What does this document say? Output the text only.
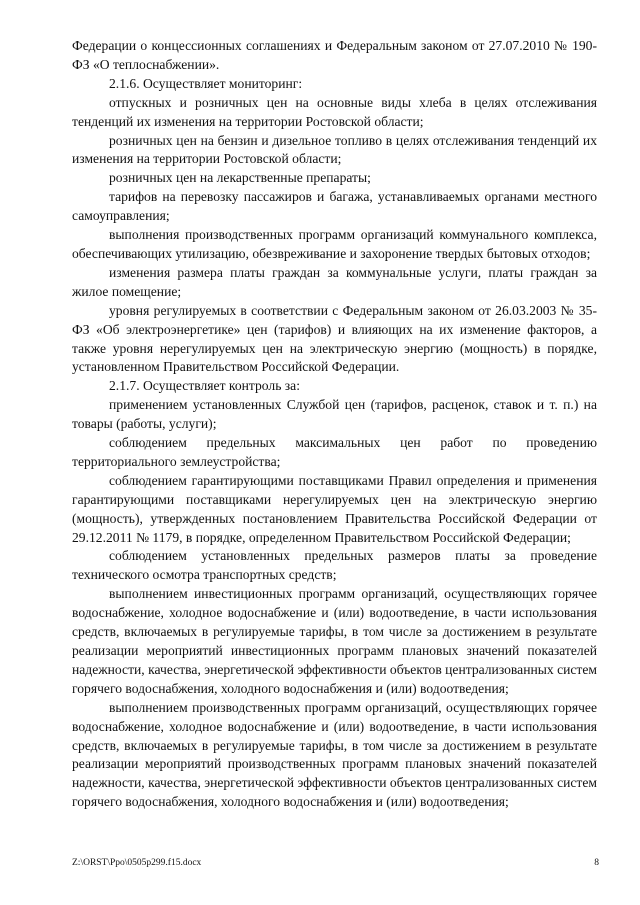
Федерации о концессионных соглашениях и Федеральным законом от 27.07.2010 № 190-ФЗ «О теплоснабжении».

2.1.6. Осуществляет мониторинг:

отпускных и розничных цен на основные виды хлеба в целях отслеживания тенденций их изменения на территории Ростовской области;

розничных цен на бензин и дизельное топливо в целях отслеживания тенденций их изменения на территории Ростовской области;

розничных цен на лекарственные препараты;

тарифов на перевозку пассажиров и багажа, устанавливаемых органами местного самоуправления;

выполнения производственных программ организаций коммунального комплекса, обеспечивающих утилизацию, обезвреживание и захоронение твердых бытовых отходов;

изменения размера платы граждан за коммунальные услуги, платы граждан за жилое помещение;

уровня регулируемых в соответствии с Федеральным законом от 26.03.2003 № 35-ФЗ «Об электроэнергетике» цен (тарифов) и влияющих на их изменение факторов, а также уровня нерегулируемых цен на электрическую энергию (мощность) в порядке, установленном Правительством Российской Федерации.

2.1.7. Осуществляет контроль за:

применением установленных Службой цен (тарифов, расценок, ставок и т. п.) на товары (работы, услуги);

соблюдением предельных максимальных цен работ по проведению территориального землеустройства;

соблюдением гарантирующими поставщиками Правил определения и применения гарантирующими поставщиками нерегулируемых цен на электрическую энергию (мощность), утвержденных постановлением Правительства Российской Федерации от 29.12.2011 № 1179, в порядке, определенном Правительством Российской Федерации;

соблюдением установленных предельных размеров платы за проведение технического осмотра транспортных средств;

выполнением инвестиционных программ организаций, осуществляющих горячее водоснабжение, холодное водоснабжение и (или) водоотведение, в части использования средств, включаемых в регулируемые тарифы, в том числе за достижением в результате реализации мероприятий инвестиционных программ плановых значений показателей надежности, качества, энергетической эффективности объектов централизованных систем горячего водоснабжения, холодного водоснабжения и (или) водоотведения;

выполнением производственных программ организаций, осуществляющих горячее водоснабжение, холодное водоснабжение и (или) водоотведение, в части использования средств, включаемых в регулируемые тарифы, в том числе за достижением в результате реализации мероприятий производственных программ плановых значений показателей надежности, качества, энергетической эффективности объектов централизованных систем горячего водоснабжения, холодного водоснабжения и (или) водоотведения;

Z:\ORST\Ppo\0505p299.f15.docx	8
